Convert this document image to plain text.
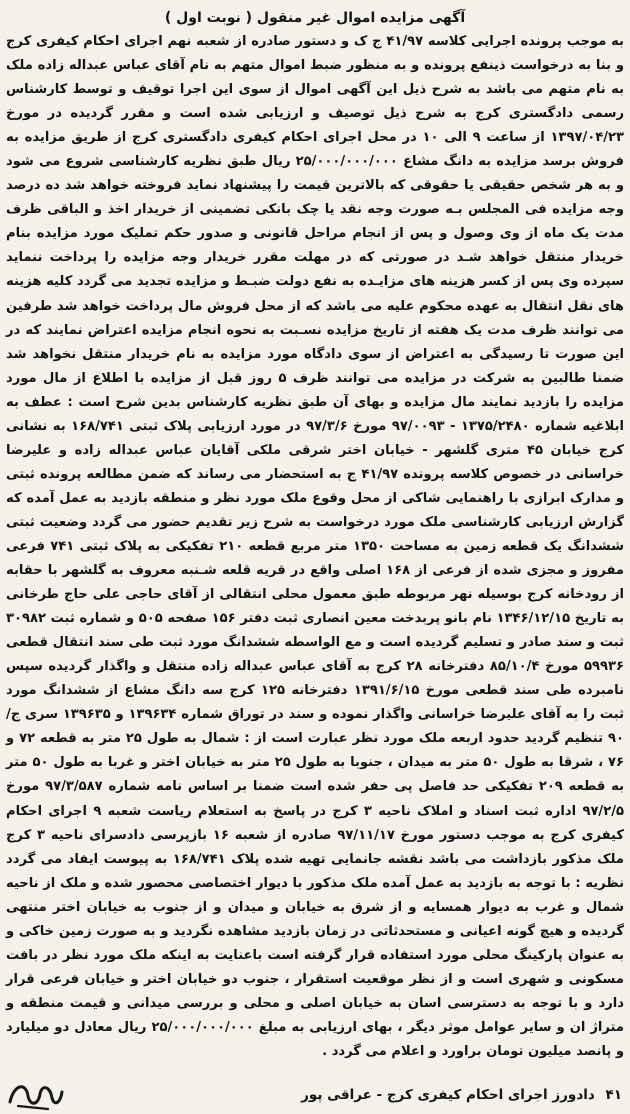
آگهی مزایده اموال غیر منقول ( نوبت اول )

به موجب پرونده اجرایی کلاسه ۴۱/۹۷ ج ک و دستور صادره از شعبه نهم اجرای احکام کیفری کرج و بنا به درخواست ذینفع پرونده و به منظور ضبط اموال متهم به نام آقای عباس عبداله زاده ملک به نام متهم می باشد به شرح ذیل این آگهی اموال از سوی این اجرا توقیف و توسط کارشناس رسمی دادگستری کرج به شرح ذیل توصیف و ارزیابی شده است و مقرر گردیده در مورخ ۱۳۹۷/۰۴/۲۳ از ساعت ۹ الی ۱۰ در محل اجرای احکام کیفری دادگستری کرج از طریق مزایده به فروش برسد مزایده به دانگ مشاع ۲۵/۰۰۰/۰۰۰/۰۰۰ ریال طبق نظریه کارشناسی شروع می شود و به هر شخص حقیقی یا حقوقی که بالاترین قیمت را پیشنهاد نماید فروخته خواهد شد ده درصد وجه مزایده فی المجلس بـه صورت وجه نقد یا چک بانکی تضمینی از خریدار اخذ و الباقی ظرف مدت یک ماه از وی وصول و پس از انجام مراحل قانونی و صدور حکم تملیک مورد مزایده بنام خریدار منتقل خواهد شـد در صورتی که در مهلت مقرر خریدار وجه مزایده را پرداخت ننماید سپرده وی پس از کسر هزینه های مزایـده به نفع دولت ضبـط و مزایده تجدید می گردد کلیه هزینه های نقل انتقال به عهده محکوم علیه می باشد که از محل فروش مال پرداخت خواهد شد طرفین می توانند ظرف مدت یک هفته از تاریخ مزایده نسـبت به نحوه انجام مزایده اعتراض نمایند که در این صورت تا رسیدگی به اعتراض از سوی دادگاه مورد مزایده به نام خریدار منتقل نخواهد شد ضمنا طالبین به شرکت در مزایده می توانند ظرف ۵ روز قبل از مزایده با اطلاع از مال مورد مزایده را بازدید نمایند مال مزایده و بهای آن طبق نظریه کارشناس بدین شرح است : عطف به ابلاغیه شماره ۱۳۷۵/۲۴۸۰ - ۹۷/۰۰۹۳ مورخ ۹۷/۳/۶ در مورد ارزیابی پلاک ثبتی ۱۶۸/۷۴۱ به نشانی کرج خیابان ۴۵ متری گلشهر - خیابان اختر شرقی ملکی آقایان عباس عبداله زاده و علیرضا خراسانی در خصوص کلاسه پرونده ۴۱/۹۷ ج به استحضار می رساند که ضمن مطالعه پرونده ثبتی و مدارک ابرازی با راهنمایی شاکی از محل وقوع ملک مورد نظر و منطقه بازدید به عمل آمده که گزارش ارزیابی کارشناسی ملک مورد درخواست به شرح زیر تقدیم حضور می گردد وضعیت ثبتی ششدانگ یک قطعه زمین به مساحت ۱۳۵۰ متر مربع قطعه ۲۱۰ تفکیکی به پلاک ثبتی ۷۴۱ فرعی مفروز و مجزی شده از فرعی از ۱۶۸ اصلی واقع در قریه قلعه شـنبه معروف به گلشهر با حقابه از رودخانه کرج بوسیله نهر مربوطه طبق معمول محلی انتقالی از آقای حاجی علی حاج طرخانی به تاریخ ۱۳۴۶/۱۲/۱۵ نام بانو پربدخت معین انصاری ثبت دفتر ۱۵۶ صفحه ۵۰۵ و شماره ثبت ۳۰۹۸۲ ثبت و سند صادر و تسلیم گردیده است و مع الواسطه ششدانگ مورد ثبت طی سند انتقال قطعی ۵۹۹۳۶ مورخ ۸۵/۱۰/۴ دفترخانه ۲۸ کرج به آقای عباس عبداله زاده منتقل و واگذار گردیده سپس نامبرده طی سند قطعی مورخ ۱۳۹۱/۶/۱۵ دفترخانه ۱۲۵ کرج سه دانگ مشاع از ششدانگ مورد ثبت را به آقای علیرضا خراسانی واگذار نموده و سند در توراق شماره ۱۳۹۶۳۴ و ۱۳۹۶۳۵ سری ج/ ۹۰ تنظیم گردید حدود اربعه ملک مورد نظر عبارت است از : شمال به طول ۲۵ متر به قطعه ۷۲ و ۷۶ ، شرقا به طول ۵۰ متر به میدان ، جنوبا به طول ۲۵ متر به خیابان اختر و غربا به طول ۵۰ متر به قطعه ۲۰۹ تفکیکی حد فاصل پی حفر شده است ضمنا بر اساس نامه شماره ۹۷/۳/۵۸۷ مورخ ۹۷/۲/۵ اداره ثبت اسناد و املاک ناحیه ۳ کرج در پاسخ به استعلام ریاست شعبه ۹ اجرای احکام کیفری کرج به موجب دستور مورخ ۹۷/۱۱/۱۷ صادره از شعبه ۱۶ بازپرسی دادسرای ناحیه ۳ کرج ملک مذکور بازداشت می باشد نقشه جانمایی تهیه شده پلاک ۱۶۸/۷۴۱ به پیوست ایفاد می گردد نظریه : با توجه به بازدید به عمل آمده ملک مذکور با دیوار اختصاصی محصور شده و ملک از ناحیه شمال و غرب به دیوار همسایه و از شرق به خیابان و میدان و از جنوب به خیابان اختر منتهی گردیده و هیچ گونه اعیانی و مستحدثاتی در زمان بازدید مشاهده نگردید و به صورت زمین خاکی و به عنوان پارکینگ محلی مورد استفاده قرار گرفته است باعنایت به اینکه ملک مورد نظر در بافت مسکونی و شهری است و از نظر موقعیت استقرار ، جنوب دو خیابان اختر و خیابان فرعی قرار دارد و با توجه به دسترسی اسان به خیابان اصلی و محلی و بررسی میدانی و قیمت منطقه و متراژ ان و سایر عوامل موثر دیگر ، بهای ارزیابی به مبلغ ۲۵/۰۰۰/۰۰۰/۰۰۰ ریال معادل دو میلیارد و پانصد میلیون تومان براورد و اعلام می گردد .

۴۱ دادورز اجرای احکام کیفری کرج - عراقی پور
